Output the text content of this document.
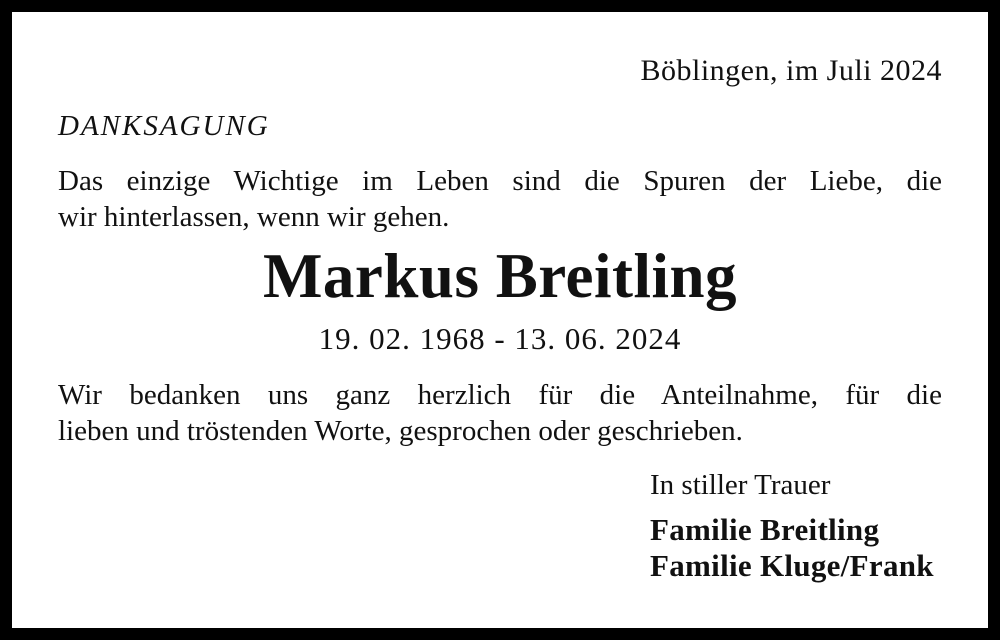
Böblingen, im Juli 2024
DANKSAGUNG
Das einzige Wichtige im Leben sind die Spuren der Liebe, die
wir hinterlassen, wenn wir gehen.
Markus Breitling
19. 02. 1968 - 13. 06. 2024
Wir bedanken uns ganz herzlich für die Anteilnahme, für die
lieben und tröstenden Worte, gesprochen oder geschrieben.
In stiller Trauer
Familie Breitling
Familie Kluge/Frank
